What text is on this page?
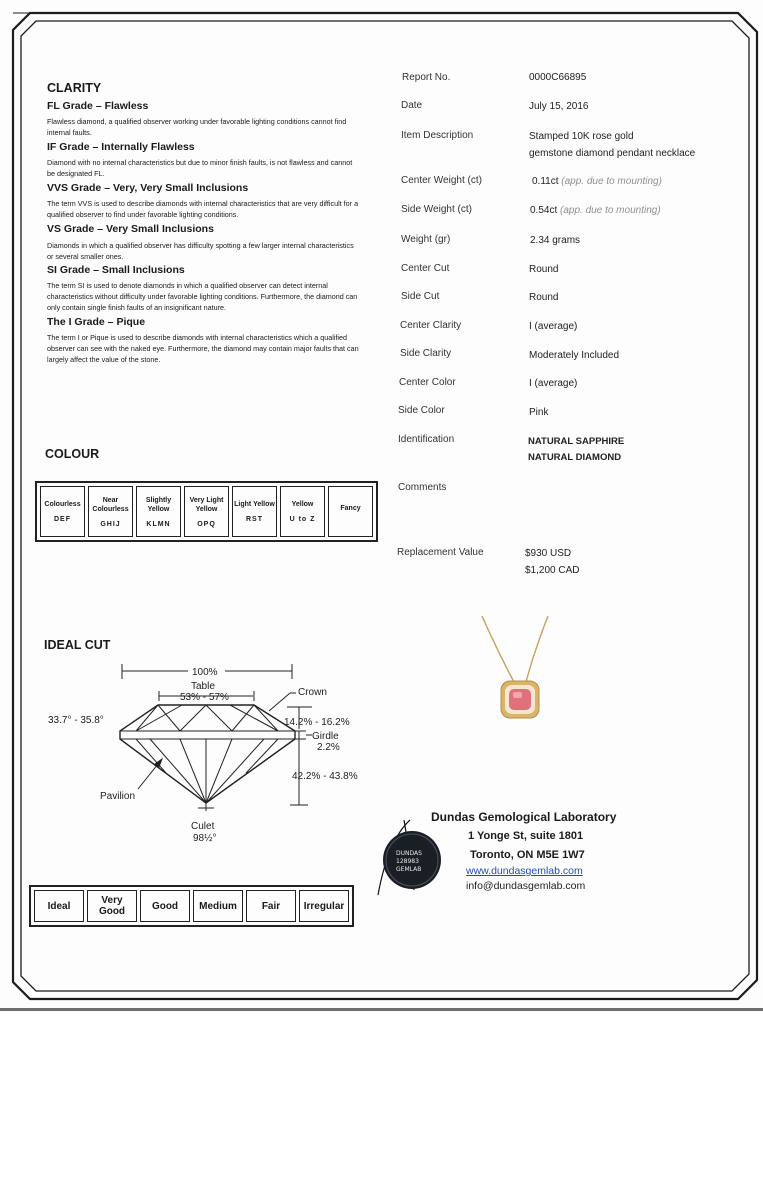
CLARITY
FL Grade – Flawless
Flawless diamond, a qualified observer working under favorable lighting conditions cannot find internal faults.
IF Grade – Internally Flawless
Diamond with no internal characteristics but due to minor finish faults, is not flawless and cannot be designated FL.
VVS Grade – Very, Very Small Inclusions
The term VVS is used to describe diamonds with internal characteristics that are very difficult for a qualified observer to find under favorable lighting conditions.
VS Grade – Very Small Inclusions
Diamonds in which a qualified observer has difficulty spotting a few larger internal characteristics or several smaller ones.
SI Grade – Small Inclusions
The term SI is used to denote diamonds in which a qualified observer can detect internal characteristics without difficulty under favorable lighting conditions. Furthermore, the diamond can only contain single finish faults of an insignificant nature.
The I Grade – Pique
The term I or Pique is used to describe diamonds with internal characteristics which a qualified observer can see with the naked eye. Furthermore, the diamond may contain major faults that can largely affect the value of the stone.
COLOUR
Colourless
DEF

Near Colourless
GHIJ

Slightly Yellow
KLMN

Very Light Yellow
OPQ

Light Yellow
RST

Yellow
U to Z

Fancy
IDEAL CUT
100%
Table
53% - 57%	Crown
33.7° - 35.8°	14.2% - 16.2%
Girdle
2.2%
42.2% - 43.8%
Pavilion
Culet
98½°
Ideal	Very Good	Good	Medium	Fair	Irregular
Report No.	0000C66895
Date	July 15, 2016
Item Description	Stamped 10K rose gold
gemstone diamond pendant necklace
Center Weight (ct)	0.11ct (app. due to mounting)
Side Weight (ct)	0.54ct (app. due to mounting)
Weight (gr)	2.34 grams
Center Cut	Round
Side Cut	Round
Center Clarity	I (average)
Side Clarity	Moderately Included
Center Color	I (average)
Side Color	Pink
Identification	NATURAL SAPPHIRE
NATURAL DIAMOND
Comments
Replacement Value	$930 USD
$1,200 CAD
DUNDAS
128983
GEMLAB
Dundas Gemological Laboratory
1 Yonge St, suite 1801
Toronto, ON M5E 1W7
www.dundasgemlab.com
info@dundasgemlab.com
